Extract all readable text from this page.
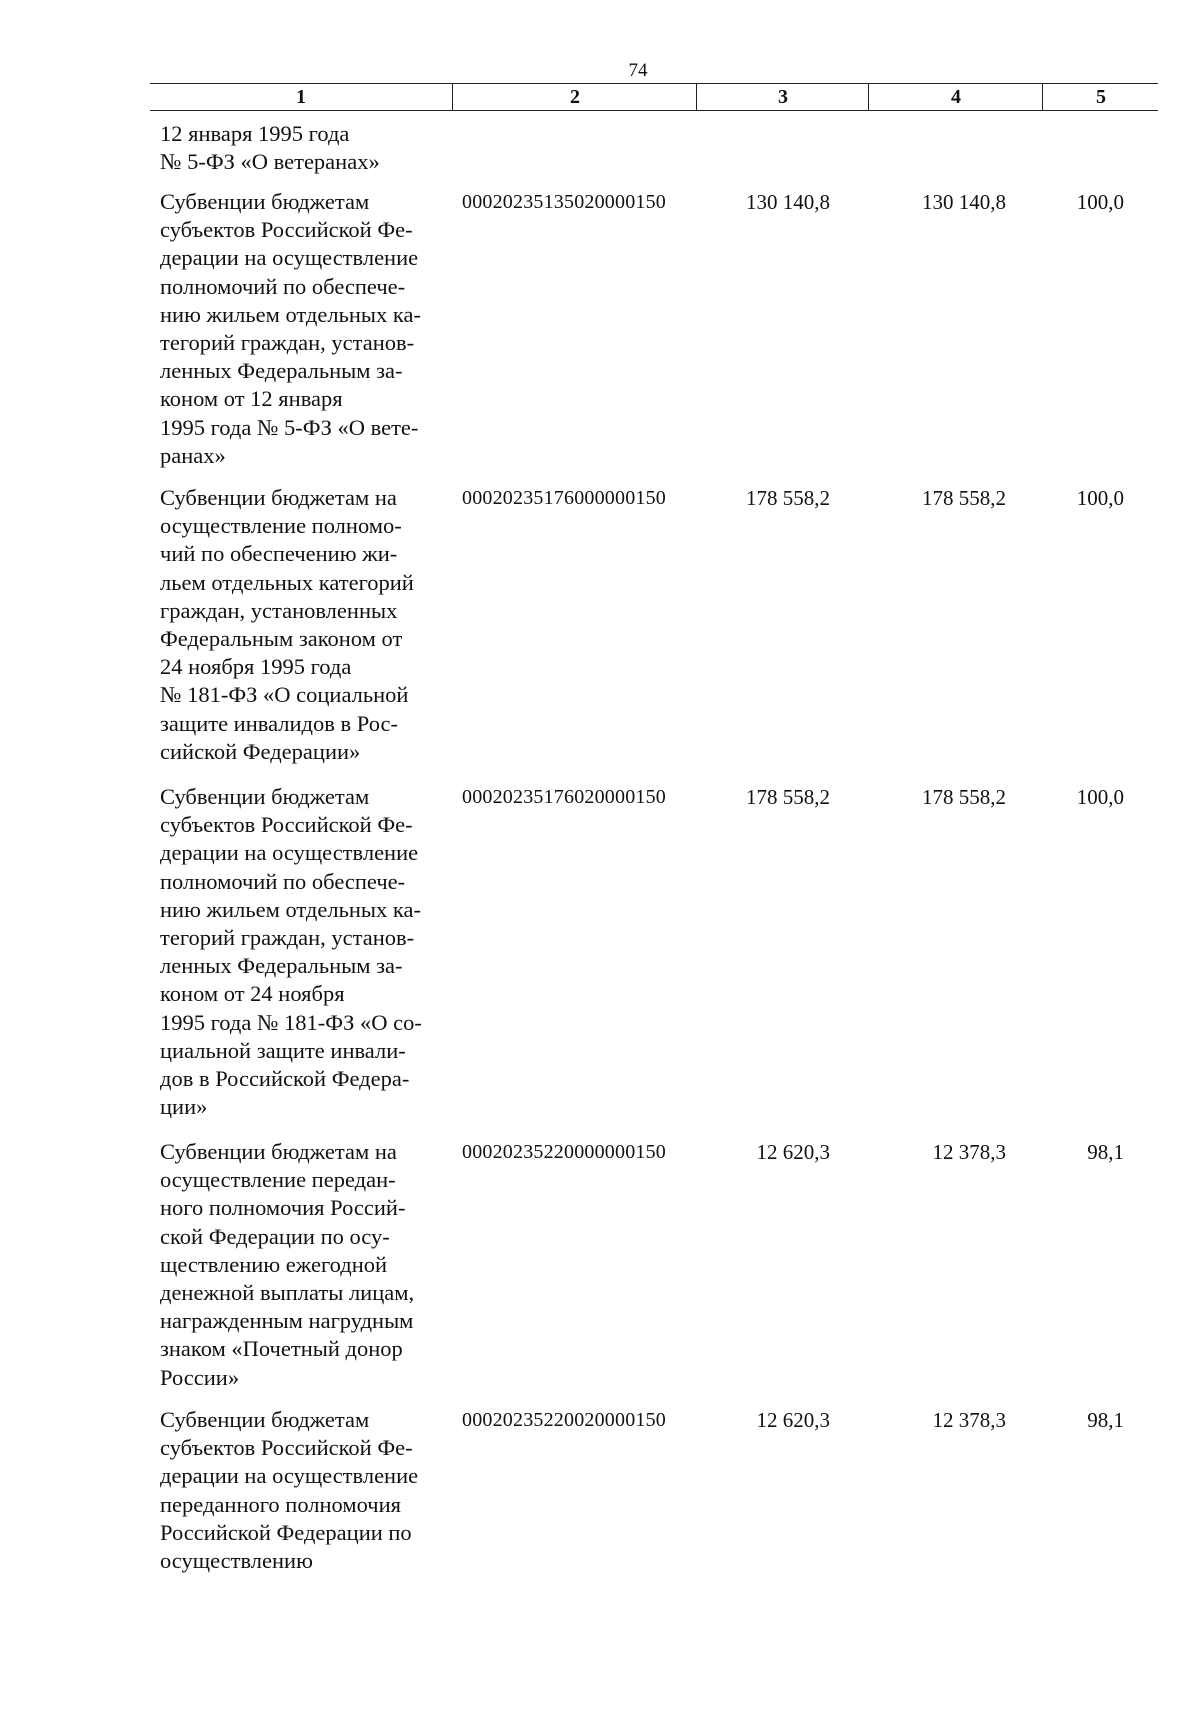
74
1	2	3	4	5
12 января 1995 года
№ 5-ФЗ «О ветеранах»
Субвенции бюджетам
субъектов Российской Фе-
дерации на осуществление
полномочий по обеспече-
нию жильем отдельных ка-
тегорий граждан, установ-
ленных Федеральным за-
коном от 12 января
1995 года № 5-ФЗ «О вете-
ранах»
00020235135020000150	130 140,8	130 140,8	100,0
Субвенции бюджетам на
осуществление полномо-
чий по обеспечению жи-
льем отдельных категорий
граждан, установленных
Федеральным законом от
24 ноября 1995 года
№ 181-ФЗ «О социальной
защите инвалидов в Рос-
сийской Федерации»
00020235176000000150	178 558,2	178 558,2	100,0
Субвенции бюджетам
субъектов Российской Фе-
дерации на осуществление
полномочий по обеспече-
нию жильем отдельных ка-
тегорий граждан, установ-
ленных Федеральным за-
коном от 24 ноября
1995 года № 181-ФЗ «О со-
циальной защите инвали-
дов в Российской Федера-
ции»
00020235176020000150	178 558,2	178 558,2	100,0
Субвенции бюджетам на
осуществление передан-
ного полномочия Россий-
ской Федерации по осу-
ществлению ежегодной
денежной выплаты лицам,
награжденным нагрудным
знаком «Почетный донор
России»
00020235220000000150	12 620,3	12 378,3	98,1
Субвенции бюджетам
субъектов Российской Фе-
дерации на осуществление
переданного полномочия
Российской Федерации по
осуществлению
00020235220020000150	12 620,3	12 378,3	98,1
